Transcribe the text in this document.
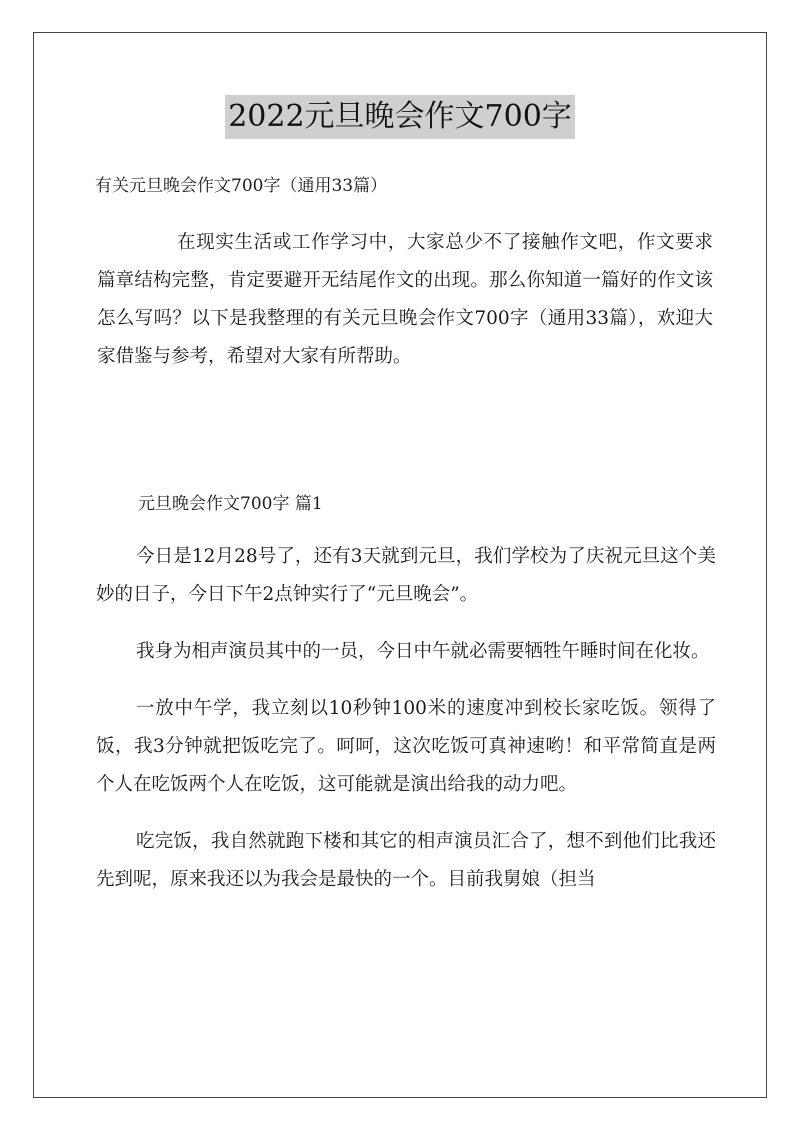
2022元旦晚会作文700字
有关元旦晚会作文700字（通用33篇）

在现实生活或工作学习中，大家总少不了接触作文吧，作文要求篇章结构完整，肯定要避开无结尾作文的出现。那么你知道一篇好的作文该怎么写吗？以下是我整理的有关元旦晚会作文700字（通用33篇），欢迎大家借鉴与参考，希望对大家有所帮助。

元旦晚会作文700字 篇1

今日是12月28号了，还有3天就到元旦，我们学校为了庆祝元旦这个美妙的日子，今日下午2点钟实行了“元旦晚会”。

我身为相声演员其中的一员，今日中午就必需要牺牲午睡时间在化妆。

一放中午学，我立刻以10秒钟100米的速度冲到校长家吃饭。领得了饭，我3分钟就把饭吃完了。呵呵，这次吃饭可真神速哟！和平常简直是两个人在吃饭两个人在吃饭，这可能就是演出给我的动力吧。

吃完饭，我自然就跑下楼和其它的相声演员汇合了，想不到他们比我还先到呢，原来我还以为我会是最快的一个。目前我舅娘（担当
